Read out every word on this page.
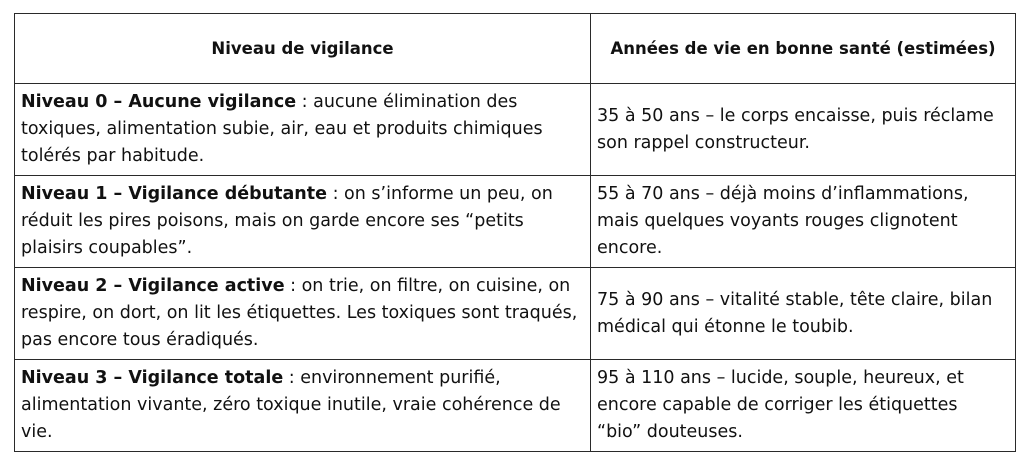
Niveau de vigilance	Années de vie en bonne santé (estimées)
Niveau 0 – Aucune vigilance : aucune élimination des toxiques, alimentation subie, air, eau et produits chimiques tolérés par habitude.	35 à 50 ans – le corps encaisse, puis réclame son rappel constructeur.
Niveau 1 – Vigilance débutante : on s’informe un peu, on réduit les pires poisons, mais on garde encore ses “petits plaisirs coupables”.	55 à 70 ans – déjà moins d’inflammations, mais quelques voyants rouges clignotent encore.
Niveau 2 – Vigilance active : on trie, on filtre, on cuisine, on respire, on dort, on lit les étiquettes. Les toxiques sont traqués, pas encore tous éradiqués.	75 à 90 ans – vitalité stable, tête claire, bilan médical qui étonne le toubib.
Niveau 3 – Vigilance totale : environnement purifié, alimentation vivante, zéro toxique inutile, vraie cohérence de vie.	95 à 110 ans – lucide, souple, heureux, et encore capable de corriger les étiquettes “bio” douteuses.
